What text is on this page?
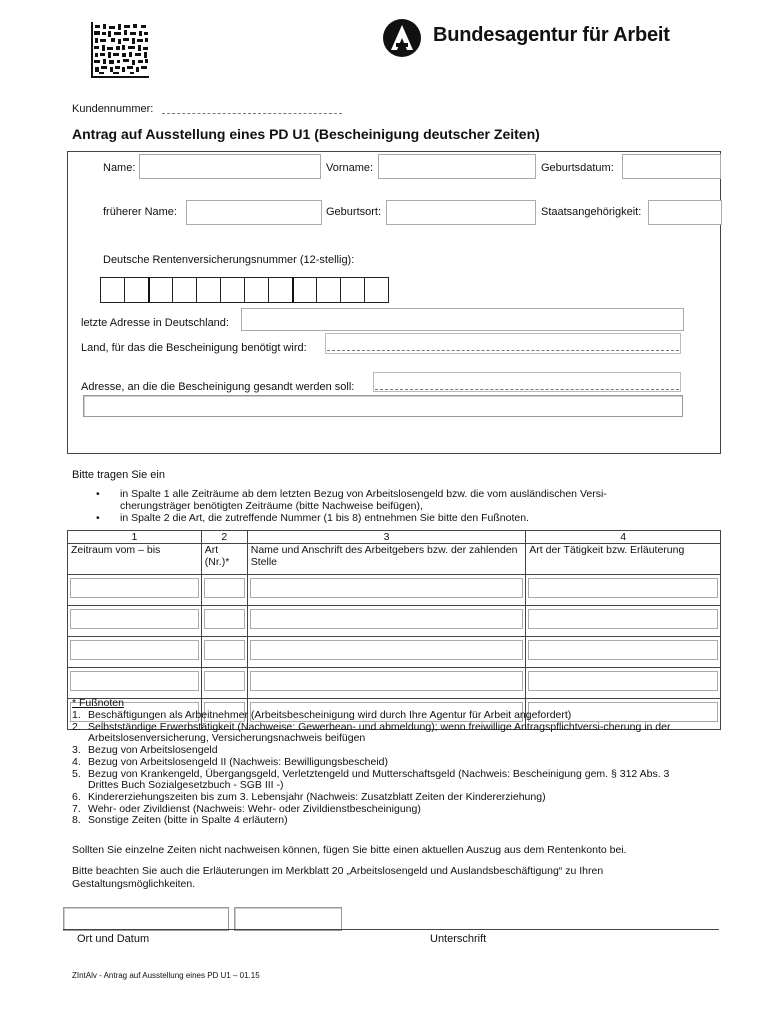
Bundesagentur für Arbeit
Kundennummer:
Antrag auf Ausstellung eines PD U1 (Bescheinigung deutscher Zeiten)
Name:	Vorname:	Geburtsdatum:
früherer Name:	Geburtsort:	Staatsangehörigkeit:
Deutsche Rentenversicherungsnummer (12-stellig):
letzte Adresse in Deutschland:
Land, für das die Bescheinigung benötigt wird:
Adresse, an die die Bescheinigung gesandt werden soll:
Bitte tragen Sie ein
• in Spalte 1 alle Zeiträume ab dem letzten Bezug von Arbeitslosengeld bzw. die vom ausländischen Versi-cherungsträger benötigten Zeiträume (bitte Nachweise beifügen),
• in Spalte 2 die Art, die zutreffende Nummer (1 bis 8) entnehmen Sie bitte den Fußnoten.
1	2	3	4
Zeitraum vom – bis	Art (Nr.)*	Name und Anschrift des Arbeitgebers bzw. der zahlenden Stelle	Art der Tätigkeit bzw. Erläuterung

* Fußnoten
1. Beschäftigungen als Arbeitnehmer (Arbeitsbescheinigung wird durch Ihre Agentur für Arbeit angefordert)
2. Selbstständige Erwerbstätigkeit (Nachweise: Gewerbean- und abmeldung); wenn freiwillige Antragspflichtversi-cherung in der Arbeitslosenversicherung, Versicherungsnachweis beifügen
3. Bezug von Arbeitslosengeld
4. Bezug von Arbeitslosengeld II (Nachweis: Bewilligungsbescheid)
5. Bezug von Krankengeld, Übergangsgeld, Verletztengeld und Mutterschaftsgeld (Nachweis: Bescheinigung gem. § 312 Abs. 3 Drittes Buch Sozialgesetzbuch - SGB III -)
6. Kindererziehungszeiten bis zum 3. Lebensjahr (Nachweis: Zusatzblatt Zeiten der Kindererziehung)
7. Wehr- oder Zivildienst (Nachweis: Wehr- oder Zivildienstbescheinigung)
8. Sonstige Zeiten (bitte in Spalte 4 erläutern)
Sollten Sie einzelne Zeiten nicht nachweisen können, fügen Sie bitte einen aktuellen Auszug aus dem Rentenkonto bei.
Bitte beachten Sie auch die Erläuterungen im Merkblatt 20 „Arbeitslosengeld und Auslandsbeschäftigung“ zu Ihren Gestaltungsmöglichkeiten.
Ort und Datum	Unterschrift
ZIntAlv - Antrag auf Ausstellung eines PD U1 – 01.15
